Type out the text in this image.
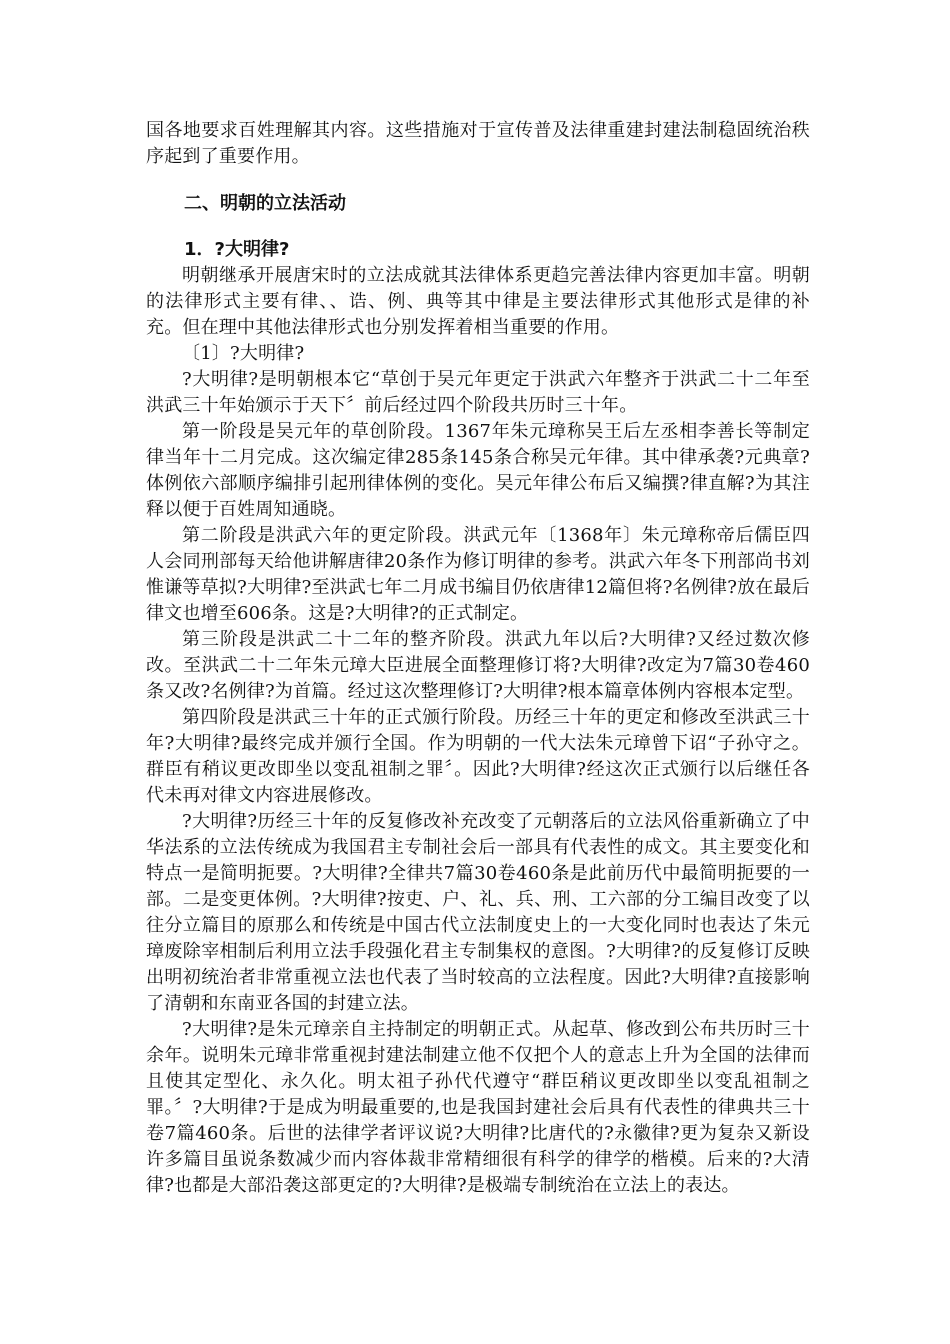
国各地要求百姓理解其内容。这些措施对于宣传普及法律重建封建法制稳固统治秩序起到了重要作用。

二、明朝的立法活动
1．?大明律?

明朝继承开展唐宋时的立法成就其法律体系更趋完善法律内容更加丰富。明朝的法律形式主要有律、、诰、例、典等其中律是主要法律形式其他形式是律的补充。但在理中其他法律形式也分别发挥着相当重要的作用。

〔1〕?大明律?

?大明律?是明朝根本它“草创于吴元年更定于洪武六年整齐于洪武二十二年至洪武三十年始颁示于天下〞前后经过四个阶段共历时三十年。

第一阶段是吴元年的草创阶段。1367年朱元璋称吴王后左丞相李善长等制定律当年十二月完成。这次编定律285条145条合称吴元年律。其中律承袭?元典章?体例依六部顺序编排引起刑律体例的变化。吴元年律公布后又编撰?律直解?为其注释以便于百姓周知通晓。

第二阶段是洪武六年的更定阶段。洪武元年〔1368年〕朱元璋称帝后儒臣四人会同刑部每天给他讲解唐律20条作为修订明律的参考。洪武六年冬下刑部尚书刘惟谦等草拟?大明律?至洪武七年二月成书编目仍依唐律12篇但将?名例律?放在最后律文也增至606条。这是?大明律?的正式制定。

第三阶段是洪武二十二年的整齐阶段。洪武九年以后?大明律?又经过数次修改。至洪武二十二年朱元璋大臣进展全面整理修订将?大明律?改定为7篇30卷460条又改?名例律?为首篇。经过这次整理修订?大明律?根本篇章体例内容根本定型。

第四阶段是洪武三十年的正式颁行阶段。历经三十年的更定和修改至洪武三十年?大明律?最终完成并颁行全国。作为明朝的一代大法朱元璋曾下诏“子孙守之。群臣有稍议更改即坐以变乱祖制之罪〞。因此?大明律?经这次正式颁行以后继任各代未再对律文内容进展修改。

?大明律?历经三十年的反复修改补充改变了元朝落后的立法风俗重新确立了中华法系的立法传统成为我国君主专制社会后一部具有代表性的成文。其主要变化和特点一是简明扼要。?大明律?全律共7篇30卷460条是此前历代中最简明扼要的一部。二是变更体例。?大明律?按吏、户、礼、兵、刑、工六部的分工编目改变了以往分立篇目的原那么和传统是中国古代立法制度史上的一大变化同时也表达了朱元璋废除宰相制后利用立法手段强化君主专制集权的意图。?大明律?的反复修订反映出明初统治者非常重视立法也代表了当时较高的立法程度。因此?大明律?直接影响了清朝和东南亚各国的封建立法。

?大明律?是朱元璋亲自主持制定的明朝正式。从起草、修改到公布共历时三十余年。说明朱元璋非常重视封建法制建立他不仅把个人的意志上升为全国的法律而且使其定型化、永久化。明太祖子孙代代遵守“群臣稍议更改即坐以变乱祖制之罪。〞?大明律?于是成为明最重要的,也是我国封建社会后具有代表性的律典共三十卷7篇460条。后世的法律学者评议说?大明律?比唐代的?永徽律?更为复杂又新设许多篇目虽说条数减少而内容体裁非常精细很有科学的律学的楷模。后来的?大清律?也都是大部沿袭这部更定的?大明律?是极端专制统治在立法上的表达。
